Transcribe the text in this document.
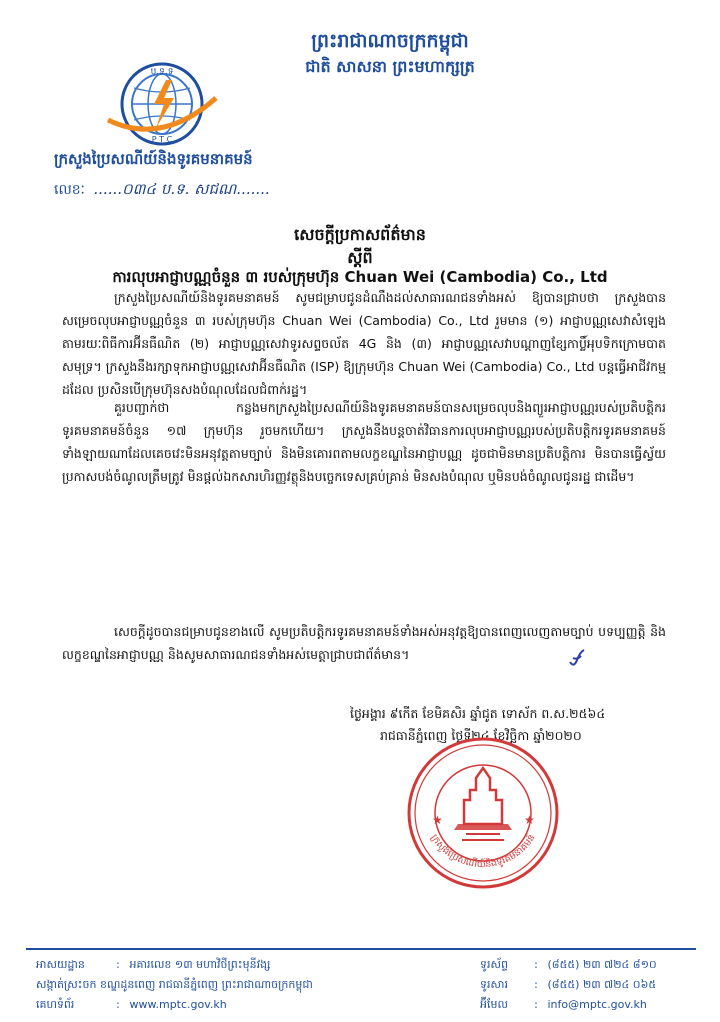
ព្រះរាជាណាចក្រកម្ពុជា
ជាតិ សាសនា ព្រះមហាក្សត្រ
ប.ទ.ទ
P T C
ក្រសួងប្រៃសណីយ៍និងទូរគមនាគមន៍
លេខៈ ......០៣៤ ប.ទ. សជណ.......
សេចក្តីប្រកាសព័ត៌មាន
ស្តីពី
ការលុបអាជ្ញាបណ្ណចំនួន ៣ របស់ក្រុមហ៊ុន Chuan Wei (Cambodia) Co., Ltd
ក្រសួងប្រៃសណីយ៍និងទូរគមនាគមន៍ សូមជម្រាបជូនដំណឹងដល់សាធារណជនទាំងអស់ ឱ្យបានជ្រាបថា ក្រសួងបានសម្រេចលុបអាជ្ញាបណ្ណចំនួន ៣ របស់ក្រុមហ៊ុន Chuan Wei (Cambodia) Co., Ltd រួមមាន (១) អាជ្ញាបណ្ណសេវាសំឡេងតាមរយៈពិធីការអ៊ីនធឺណិត (២) អាជ្ញាបណ្ណសេវាទូរសព្ទចល័ត 4G និង (៣) អាជ្ញាបណ្ណសេវាបណ្តាញខ្សែកាប្លិ៍អុបទិកក្រោមបាតសមុទ្រ។ ក្រសួងនឹងរក្សាទុកអាជ្ញាបណ្ណសេវាអ៊ីនធឺណិត (ISP) ឱ្យក្រុមហ៊ុន Chuan Wei (Cambodia) Co., Ltd បន្តធ្វើអាជីវកម្មដដែល ប្រសិនបើក្រុមហ៊ុនសងបំណុលដែលជំពាក់រដ្ឋ។
គួរបញ្ជាក់ថា កន្លងមកក្រសួងប្រៃសណីយ៍និងទូរគមនាគមន៍បានសម្រេចលុបនិងព្យួរអាជ្ញាបណ្ណរបស់ប្រតិបត្តិករទូរគមនាគមន៍ចំនួន ១៧ ក្រុមហ៊ុន រួចមកហើយ។ ក្រសួងនឹងបន្តចាត់វិធានការលុបអាជ្ញាបណ្ណរបស់ប្រតិបត្តិករទូរគមនាគមន៍ទាំងឡាយណាដែលគេចវេះមិនអនុវត្តតាមច្បាប់ និងមិនគោរពតាមលក្ខខណ្ឌនៃអាជ្ញាបណ្ណ ដូចជាមិនមានប្រតិបត្តិការ មិនបានធ្វើស្វ័យប្រកាសបង់ចំណូលត្រឹមត្រូវ មិនផ្តល់ឯកសារហិរញ្ញវត្ថុនិងបច្ចេកទេសគ្រប់គ្រាន់ មិនសងបំណុល ឬមិនបង់ចំណូលជូនរដ្ឋ ជាដើម។
សេចក្តីដូចបានជម្រាបជូនខាងលើ សូមប្រតិបត្តិករទូរគមនាគមន៍ទាំងអស់អនុវត្តឱ្យបានពេញលេញតាមច្បាប់ បទប្បញ្ញត្តិ និងលក្ខខណ្ឌនៃអាជ្ញាបណ្ណ និងសូមសាធារណជនទាំងអស់មេត្តាជ្រាបជាព័ត៌មាន។
ថ្ងៃអង្គារ ៩កើត ខែមិគសិរ ឆ្នាំជូត ទោស័ក ព.ស.២៥៦៤
រាជធានីភ្នំពេញ ថ្ងៃទី២៤ ខែវិច្ឆិកា ឆ្នាំ២០២០
★	★
ក្រសួងប្រៃសណីយ៍និងទូរគមនាគមន៍
អាសយដ្ឋាន	: អគារលេខ ១៣ មហាវិថីព្រះមុនីវង្ស
សង្កាត់ស្រះចក ខណ្ឌដូនពេញ រាជធានីភ្នំពេញ ព្រះរាជាណាចក្រកម្ពុជា
គេហទំព័រ	: www.mptc.gov.kh
ទូរស័ព្ទ	: (៨៥៥) ២៣ ៧២៤ ៨១០
ទូរសារ	: (៨៥៥) ២៣ ៧២៤ ០៦៥
អ៊ីមែល	: info@mptc.gov.kh
